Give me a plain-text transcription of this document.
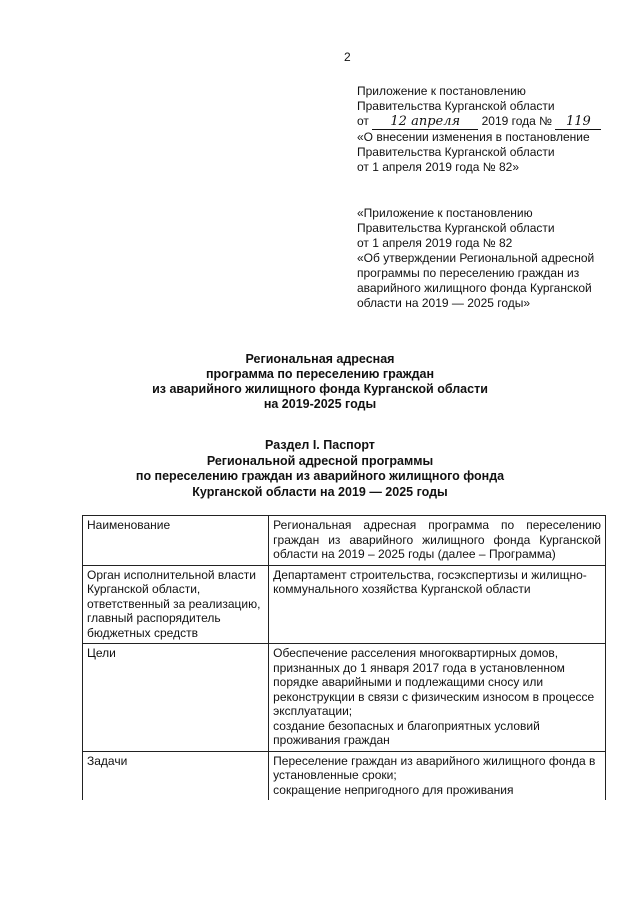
2
Приложение к постановлению
Правительства Курганской области
от 12 апреля 2019 года № 119
«О внесении изменения в постановление
Правительства Курганской области
от 1 апреля 2019 года № 82»
«Приложение к постановлению
Правительства Курганской области
от 1 апреля 2019 года № 82
«Об утверждении Региональной адресной
программы по переселению граждан из
аварийного жилищного фонда Курганской
области на 2019 — 2025 годы»
Региональная адресная
программа по переселению граждан
из аварийного жилищного фонда Курганской области
на 2019-2025 годы
Раздел I. Паспорт
Региональной адресной программы
по переселению граждан из аварийного жилищного фонда
Курганской области на 2019 — 2025 годы
Наименование	Региональная адресная программа по переселению граждан из аварийного жилищного фонда Курганской области на 2019 – 2025 годы (далее – Программа)

Орган исполнительной власти Курганской области, ответственный за реализацию, главный распорядитель бюджетных средств	Департамент строительства, госэкспертизы и жилищно-коммунального хозяйства Курганской области

Цели	Обеспечение расселения многоквартирных домов, признанных до 1 января 2017 года в установленном порядке аварийными и подлежащими сносу или реконструкции в связи с физическим износом в процессе эксплуатации;
создание безопасных и благоприятных условий проживания граждан

Задачи	Переселение граждан из аварийного жилищного фонда в установленные сроки;
сокращение непригодного для проживания
